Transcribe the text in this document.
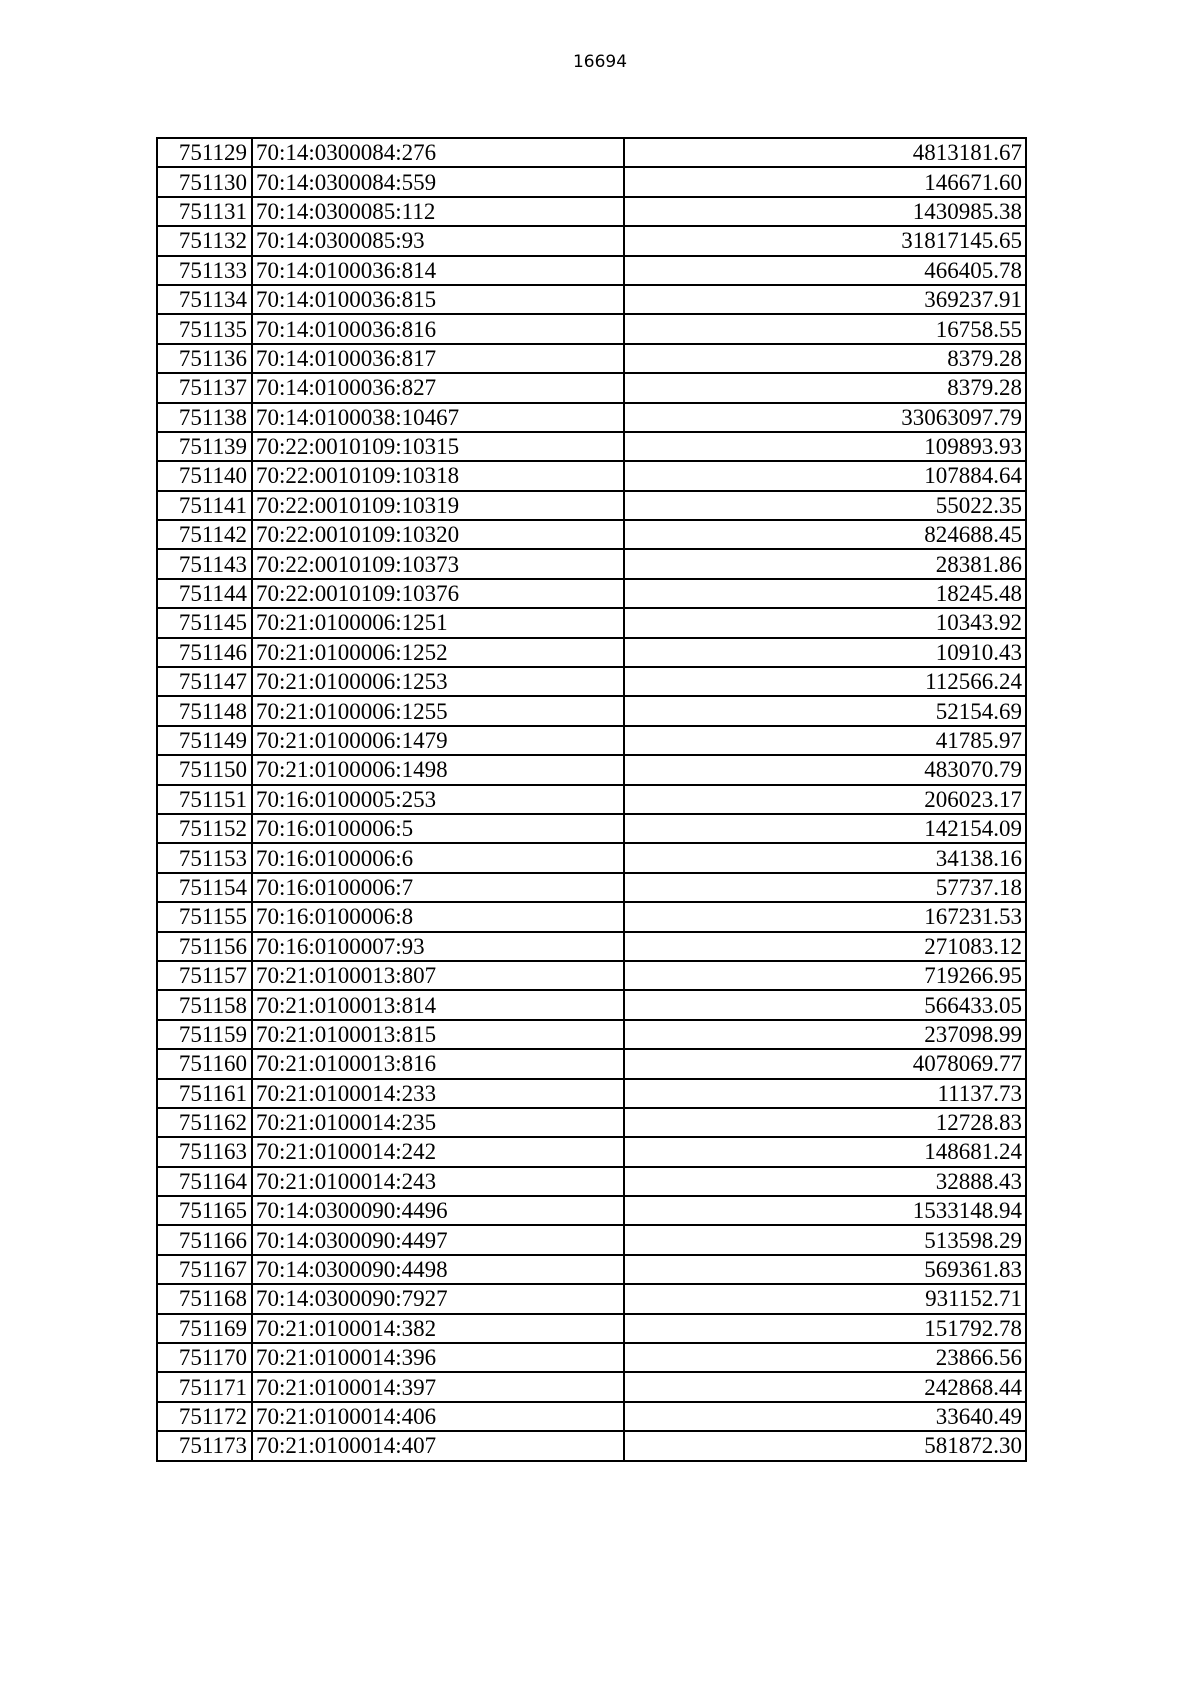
16694
751129	70:14:0300084:276	4813181.67
751130	70:14:0300084:559	146671.60
751131	70:14:0300085:112	1430985.38
751132	70:14:0300085:93	31817145.65
751133	70:14:0100036:814	466405.78
751134	70:14:0100036:815	369237.91
751135	70:14:0100036:816	16758.55
751136	70:14:0100036:817	8379.28
751137	70:14:0100036:827	8379.28
751138	70:14:0100038:10467	33063097.79
751139	70:22:0010109:10315	109893.93
751140	70:22:0010109:10318	107884.64
751141	70:22:0010109:10319	55022.35
751142	70:22:0010109:10320	824688.45
751143	70:22:0010109:10373	28381.86
751144	70:22:0010109:10376	18245.48
751145	70:21:0100006:1251	10343.92
751146	70:21:0100006:1252	10910.43
751147	70:21:0100006:1253	112566.24
751148	70:21:0100006:1255	52154.69
751149	70:21:0100006:1479	41785.97
751150	70:21:0100006:1498	483070.79
751151	70:16:0100005:253	206023.17
751152	70:16:0100006:5	142154.09
751153	70:16:0100006:6	34138.16
751154	70:16:0100006:7	57737.18
751155	70:16:0100006:8	167231.53
751156	70:16:0100007:93	271083.12
751157	70:21:0100013:807	719266.95
751158	70:21:0100013:814	566433.05
751159	70:21:0100013:815	237098.99
751160	70:21:0100013:816	4078069.77
751161	70:21:0100014:233	11137.73
751162	70:21:0100014:235	12728.83
751163	70:21:0100014:242	148681.24
751164	70:21:0100014:243	32888.43
751165	70:14:0300090:4496	1533148.94
751166	70:14:0300090:4497	513598.29
751167	70:14:0300090:4498	569361.83
751168	70:14:0300090:7927	931152.71
751169	70:21:0100014:382	151792.78
751170	70:21:0100014:396	23866.56
751171	70:21:0100014:397	242868.44
751172	70:21:0100014:406	33640.49
751173	70:21:0100014:407	581872.30
